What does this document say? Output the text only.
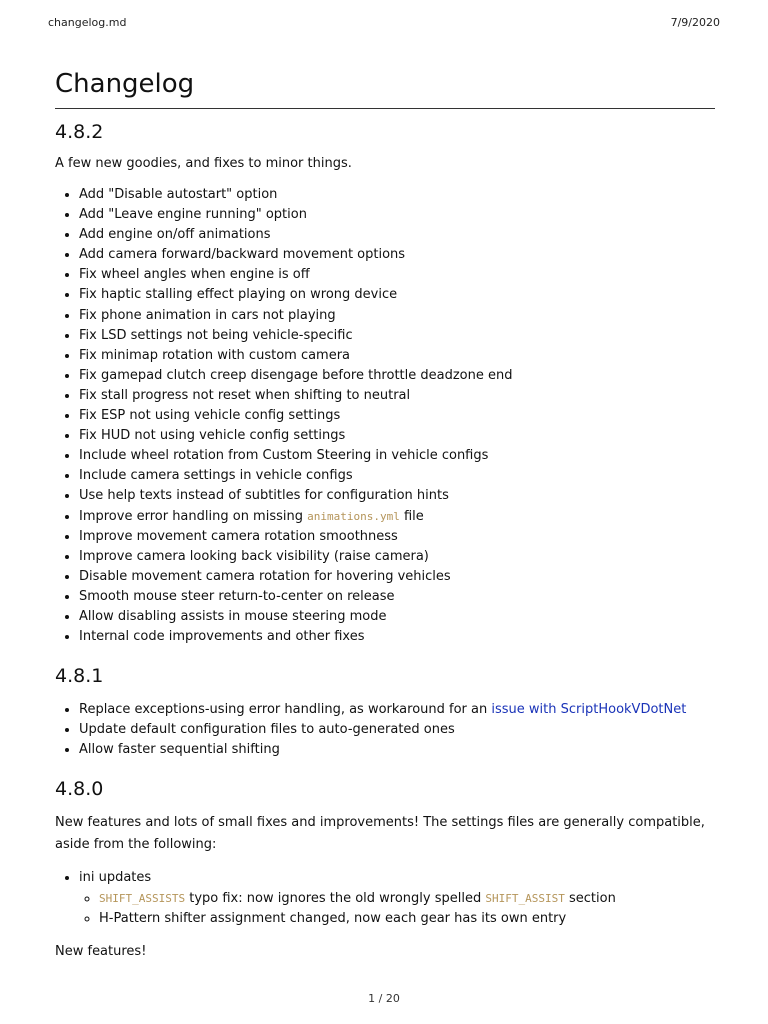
changelog.md	7/9/2020
Changelog
4.8.2

A few new goodies, and fixes to minor things.

• Add "Disable autostart" option
• Add "Leave engine running" option
• Add engine on/off animations
• Add camera forward/backward movement options
• Fix wheel angles when engine is off
• Fix haptic stalling effect playing on wrong device
• Fix phone animation in cars not playing
• Fix LSD settings not being vehicle-specific
• Fix minimap rotation with custom camera
• Fix gamepad clutch creep disengage before throttle deadzone end
• Fix stall progress not reset when shifting to neutral
• Fix ESP not using vehicle config settings
• Fix HUD not using vehicle config settings
• Include wheel rotation from Custom Steering in vehicle configs
• Include camera settings in vehicle configs
• Use help texts instead of subtitles for configuration hints
• Improve error handling on missing animations.yml file
• Improve movement camera rotation smoothness
• Improve camera looking back visibility (raise camera)
• Disable movement camera rotation for hovering vehicles
• Smooth mouse steer return-to-center on release
• Allow disabling assists in mouse steering mode
• Internal code improvements and other fixes
4.8.1
• Replace exceptions-using error handling, as workaround for an issue with ScriptHookVDotNet
• Update default configuration files to auto-generated ones
• Allow faster sequential shifting
4.8.0

New features and lots of small fixes and improvements! The settings files are generally compatible, aside from the following:

• ini updates
◦ SHIFT_ASSISTS typo fix: now ignores the old wrongly spelled SHIFT_ASSIST section
◦ H-Pattern shifter assignment changed, now each gear has its own entry

New features!

1 / 20
